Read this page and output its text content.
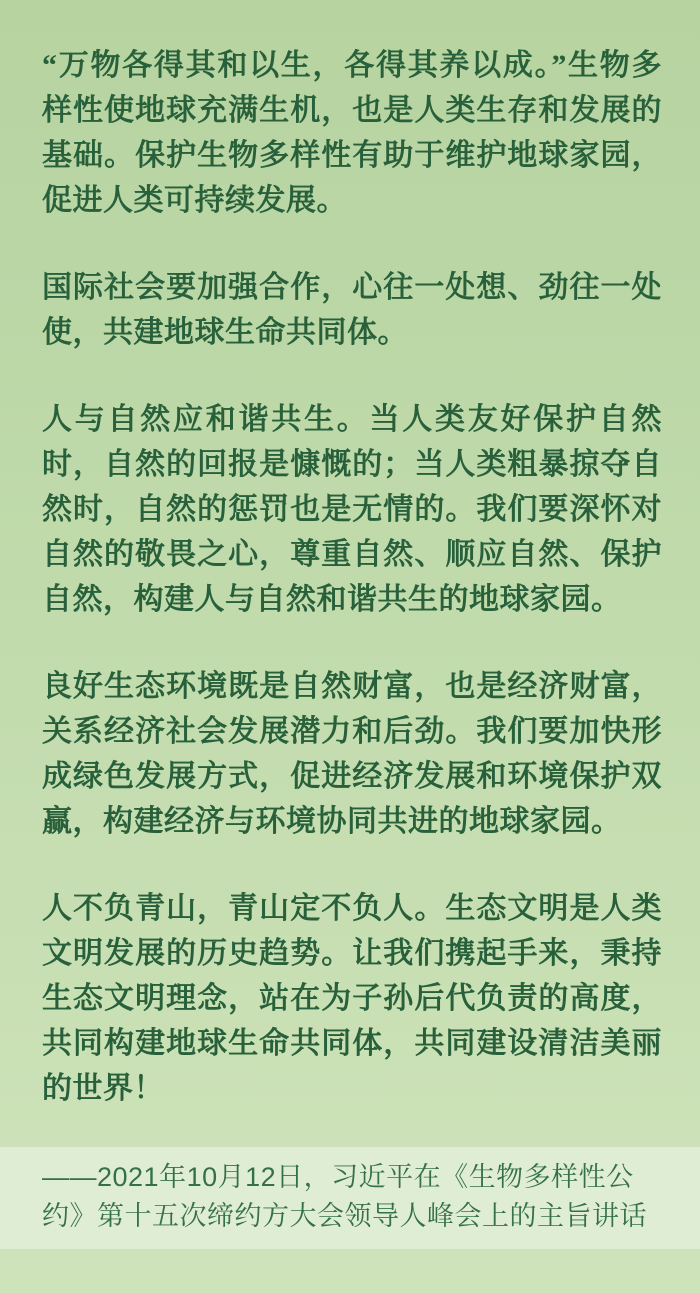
“万物各得其和以生，各得其养以成。”生物多样性使地球充满生机，也是人类生存和发展的基础。保护生物多样性有助于维护地球家园，促进人类可持续发展。

国际社会要加强合作，心往一处想、劲往一处使，共建地球生命共同体。

人与自然应和谐共生。当人类友好保护自然时，自然的回报是慷慨的；当人类粗暴掠夺自然时，自然的惩罚也是无情的。我们要深怀对自然的敬畏之心，尊重自然、顺应自然、保护自然，构建人与自然和谐共生的地球家园。

良好生态环境既是自然财富，也是经济财富，关系经济社会发展潜力和后劲。我们要加快形成绿色发展方式，促进经济发展和环境保护双赢，构建经济与环境协同共进的地球家园。

人不负青山，青山定不负人。生态文明是人类文明发展的历史趋势。让我们携起手来，秉持生态文明理念，站在为子孙后代负责的高度，共同构建地球生命共同体，共同建设清洁美丽的世界！

——2021年10月12日，习近平在《生物多样性公约》第十五次缔约方大会领导人峰会上的主旨讲话
